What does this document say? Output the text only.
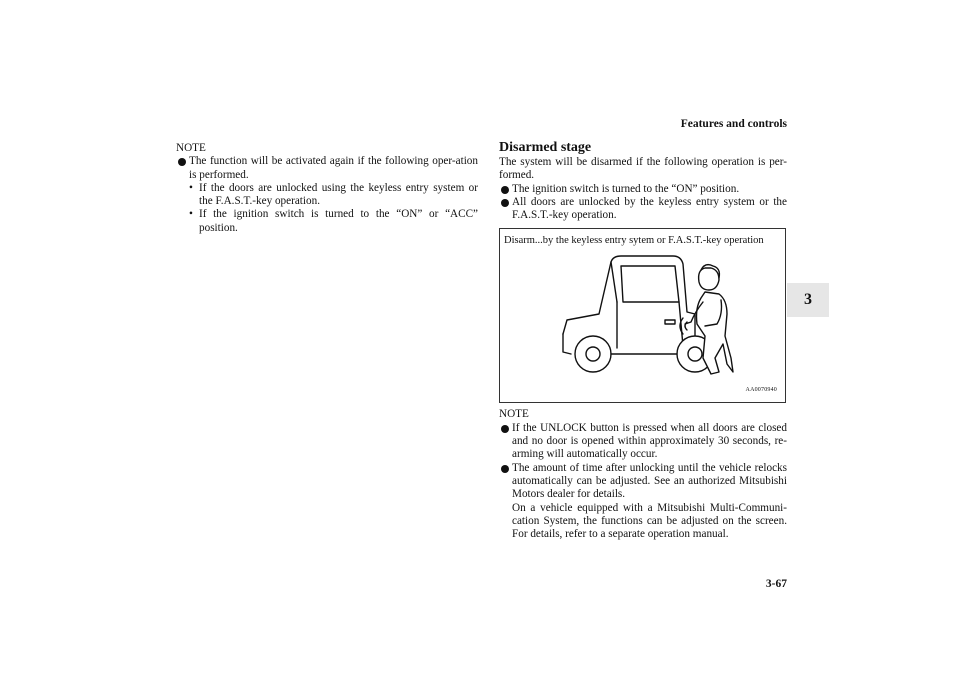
Features and controls
3
NOTE
The function will be activated again if the following oper-ation is performed.
• If the doors are unlocked using the keyless entry system or the F.A.S.T.-key operation.
• If the ignition switch is turned to the “ON” or “ACC” position.
Disarmed stage
The system will be disarmed if the following operation is per-formed.
The ignition switch is turned to the “ON” position.
All doors are unlocked by the keyless entry system or the F.A.S.T.-key operation.
Disarm...by the keyless entry sytem or F.A.S.T.-key operation
AA0070940
NOTE

If the UNLOCK button is pressed when all doors are closed and no door is opened within approximately 30 seconds, re-arming will automatically occur.

The amount of time after unlocking until the vehicle relocks automatically can be adjusted. See an authorized Mitsubishi Motors dealer for details.

On a vehicle equipped with a Mitsubishi Multi-Communi-cation System, the functions can be adjusted on the screen. For details, refer to a separate operation manual.

3-67
